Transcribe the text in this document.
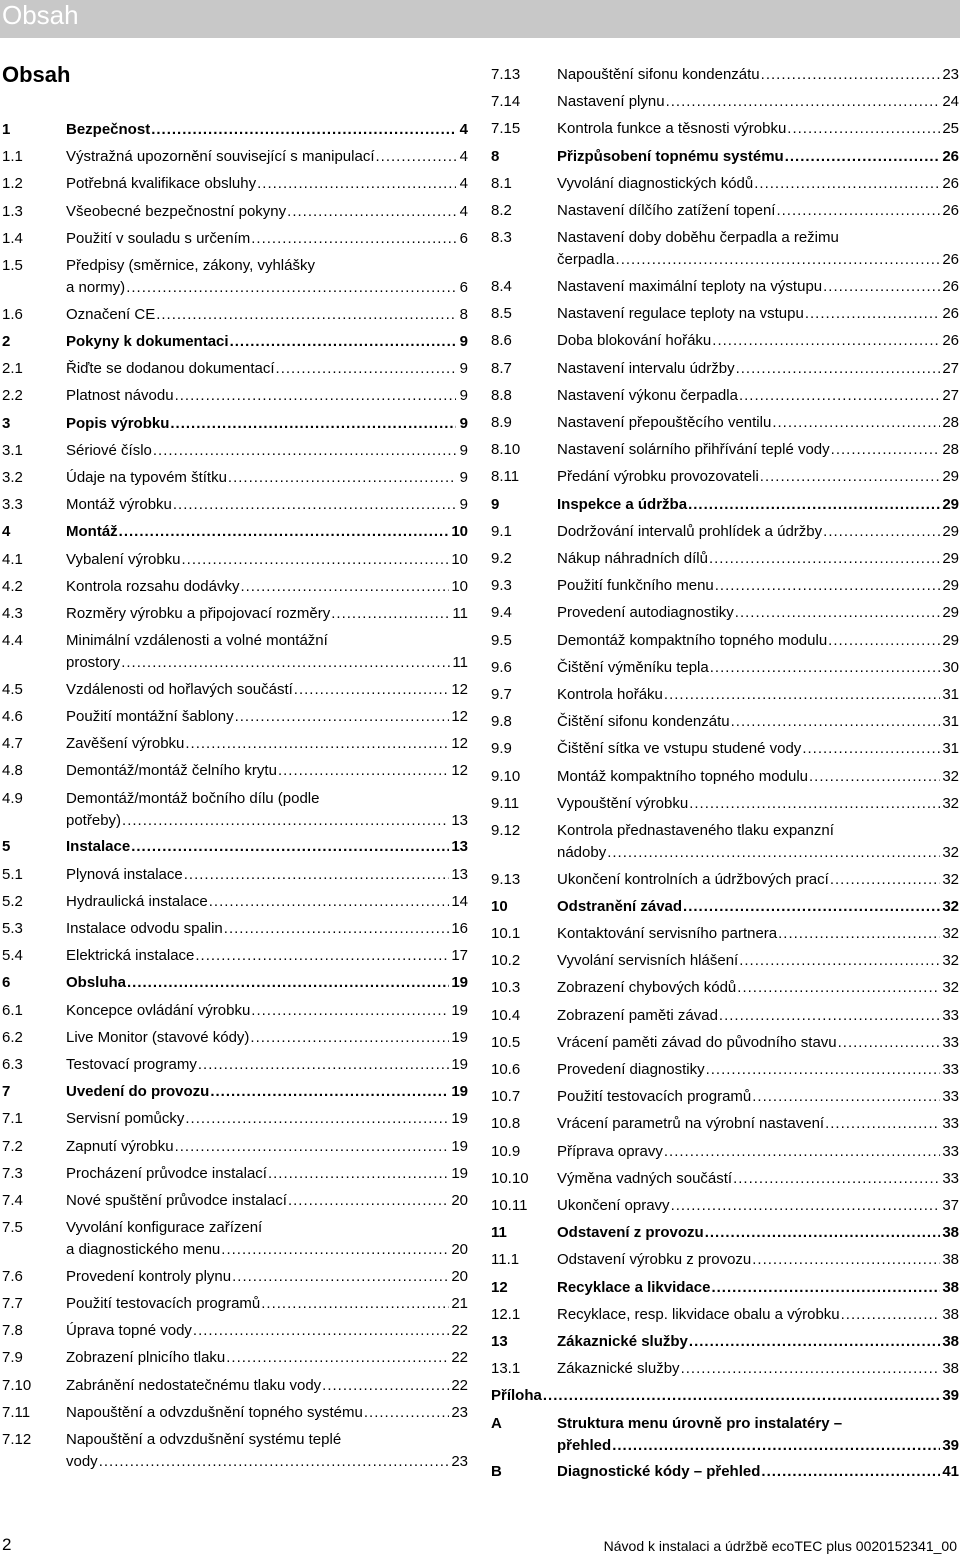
Obsah
Obsah
1	Bezpečnost .....	4
1.1	Výstražná upozornění související s manipulací .....	4
1.2	Potřebná kvalifikace obsluhy .....	4
1.3	Všeobecné bezpečnostní pokyny .....	4
1.4	Použití v souladu s určením .....	6
1.5	Předpisy (směrnice, zákony, vyhlášky
a normy) .....	6
1.6	Označení CE .....	8
2	Pokyny k dokumentaci .....	9
2.1	Řiďte se dodanou dokumentací .....	9
2.2	Platnost návodu .....	9
3	Popis výrobku .....	9
3.1	Sériové číslo .....	9
3.2	Údaje na typovém štítku .....	9
3.3	Montáž výrobku .....	9
4	Montáž .....	10
4.1	Vybalení výrobku .....	10
4.2	Kontrola rozsahu dodávky .....	10
4.3	Rozměry výrobku a připojovací rozměry .....	11
4.4	Minimální vzdálenosti a volné montážní
prostory .....	11
4.5	Vzdálenosti od hořlavých součástí .....	12
4.6	Použití montážní šablony .....	12
4.7	Zavěšení výrobku .....	12
4.8	Demontáž/montáž čelního krytu .....	12
4.9	Demontáž/montáž bočního dílu (podle
potřeby) .....	13
5	Instalace .....	13
5.1	Plynová instalace .....	13
5.2	Hydraulická instalace .....	14
5.3	Instalace odvodu spalin .....	16
5.4	Elektrická instalace .....	17
6	Obsluha .....	19
6.1	Koncepce ovládání výrobku .....	19
6.2	Live Monitor (stavové kódy) .....	19
6.3	Testovací programy .....	19
7	Uvedení do provozu .....	19
7.1	Servisní pomůcky .....	19
7.2	Zapnutí výrobku .....	19
7.3	Procházení průvodce instalací .....	19
7.4	Nové spuštění průvodce instalací .....	20
7.5	Vyvolání konfigurace zařízení
a diagnostického menu .....	20
7.6	Provedení kontroly plynu .....	20
7.7	Použití testovacích programů .....	21
7.8	Úprava topné vody .....	22
7.9	Zobrazení plnicího tlaku .....	22
7.10 Zabránění nedostatečnému tlaku vody .....	22
7.11 Napouštění a odvzdušnění topného systému .....	23
7.12 Napouštění a odvzdušnění systému teplé
vody .....	23
7.13 Napouštění sifonu kondenzátu .....	23
7.14 Nastavení plynu .....	24
7.15 Kontrola funkce a těsnosti výrobku .....	25
8	Přizpůsobení topnému systému .....	26
8.1	Vyvolání diagnostických kódů .....	26
8.2	Nastavení dílčího zatížení topení .....	26
8.3	Nastavení doby doběhu čerpadla a režimu
čerpadla .....	26
8.4	Nastavení maximální teploty na výstupu .....	26
8.5	Nastavení regulace teploty na vstupu .....	26
8.6	Doba blokování hořáku .....	26
8.7	Nastavení intervalu údržby .....	27
8.8	Nastavení výkonu čerpadla .....	27
8.9	Nastavení přepouštěcího ventilu .....	28
8.10 Nastavení solárního přihřívání teplé vody .....	28
8.11	Předání výrobku provozovateli .....	29
9	Inspekce a údržba .....	29
9.1	Dodržování intervalů prohlídek a údržby .....	29
9.2	Nákup náhradních dílů .....	29
9.3	Použití funkčního menu .....	29
9.4	Provedení autodiagnostiky .....	29
9.5	Demontáž kompaktního topného modulu .....	29
9.6	Čištění výměníku tepla .....	30
9.7	Kontrola hořáku .....	31
9.8	Čištění sifonu kondenzátu .....	31
9.9	Čištění sítka ve vstupu studené vody .....	31
9.10 Montáž kompaktního topného modulu .....	32
9.11	Vypouštění výrobku .....	32
9.12 Kontrola přednastaveného tlaku expanzní
nádoby .....	32
9.13 Ukončení kontrolních a údržbových prací .....	32
10	Odstranění závad .....	32
10.1 Kontaktování servisního partnera .....	32
10.2 Vyvolání servisních hlášení .....	32
10.3 Zobrazení chybových kódů .....	32
10.4 Zobrazení paměti závad .....	33
10.5 Vrácení paměti závad do původního stavu .....	33
10.6 Provedení diagnostiky .....	33
10.7 Použití testovacích programů .....	33
10.8 Vrácení parametrů na výrobní nastavení .....	33
10.9 Příprava opravy .....	33
10.10 Výměna vadných součástí .....	33
10.11 Ukončení opravy .....	37
11	Odstavení z provozu .....	38
11.1	Odstavení výrobku z provozu .....	38
12	Recyklace a likvidace .....	38
12.1 Recyklace, resp. likvidace obalu a výrobku .....	38
13	Zákaznické služby .....	38
13.1 Zákaznické služby .....	38
Příloha .....	39
A	Struktura menu úrovně pro instalatéry –
přehled .....	39
B	Diagnostické kódy – přehled .....	41
2	Návod k instalaci a údržbě ecoTEC plus 0020152341_00
